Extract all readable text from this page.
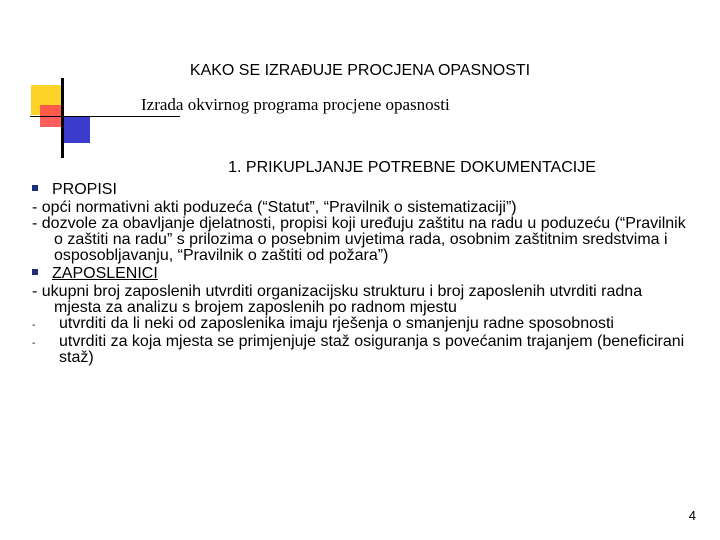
KAKO SE IZRAĐUJE PROCJENA OPASNOSTI
Izrada okvirnog programa procjene opasnosti
1. PRIKUPLJANJE POTREBNE DOKUMENTACIJE
PROPISI

- opći normativni akti poduzeća (“Statut”, “Pravilnik o sistematizaciji”)

- dozvole za obavljanje djelatnosti, propisi koji uređuju zaštitu na radu u poduzeću (“Pravilnik o zaštiti na radu” s prilozima o posebnim uvjetima rada, osobnim zaštitnim sredstvima i osposobljavanju, “Pravilnik o zaštiti od požara”)

ZAPOSLENICI

- ukupni broj zaposlenih utvrditi organizacijsku strukturu i broj zaposlenih utvrditi radna mjesta za analizu s brojem zaposlenih po radnom mjestu

-	utvrditi da li neki od zaposlenika imaju rješenja o smanjenju radne sposobnosti
-	utvrditi za koja mjesta se primjenjuje staž osiguranja s povećanim trajanjem (beneficirani staž)
4
